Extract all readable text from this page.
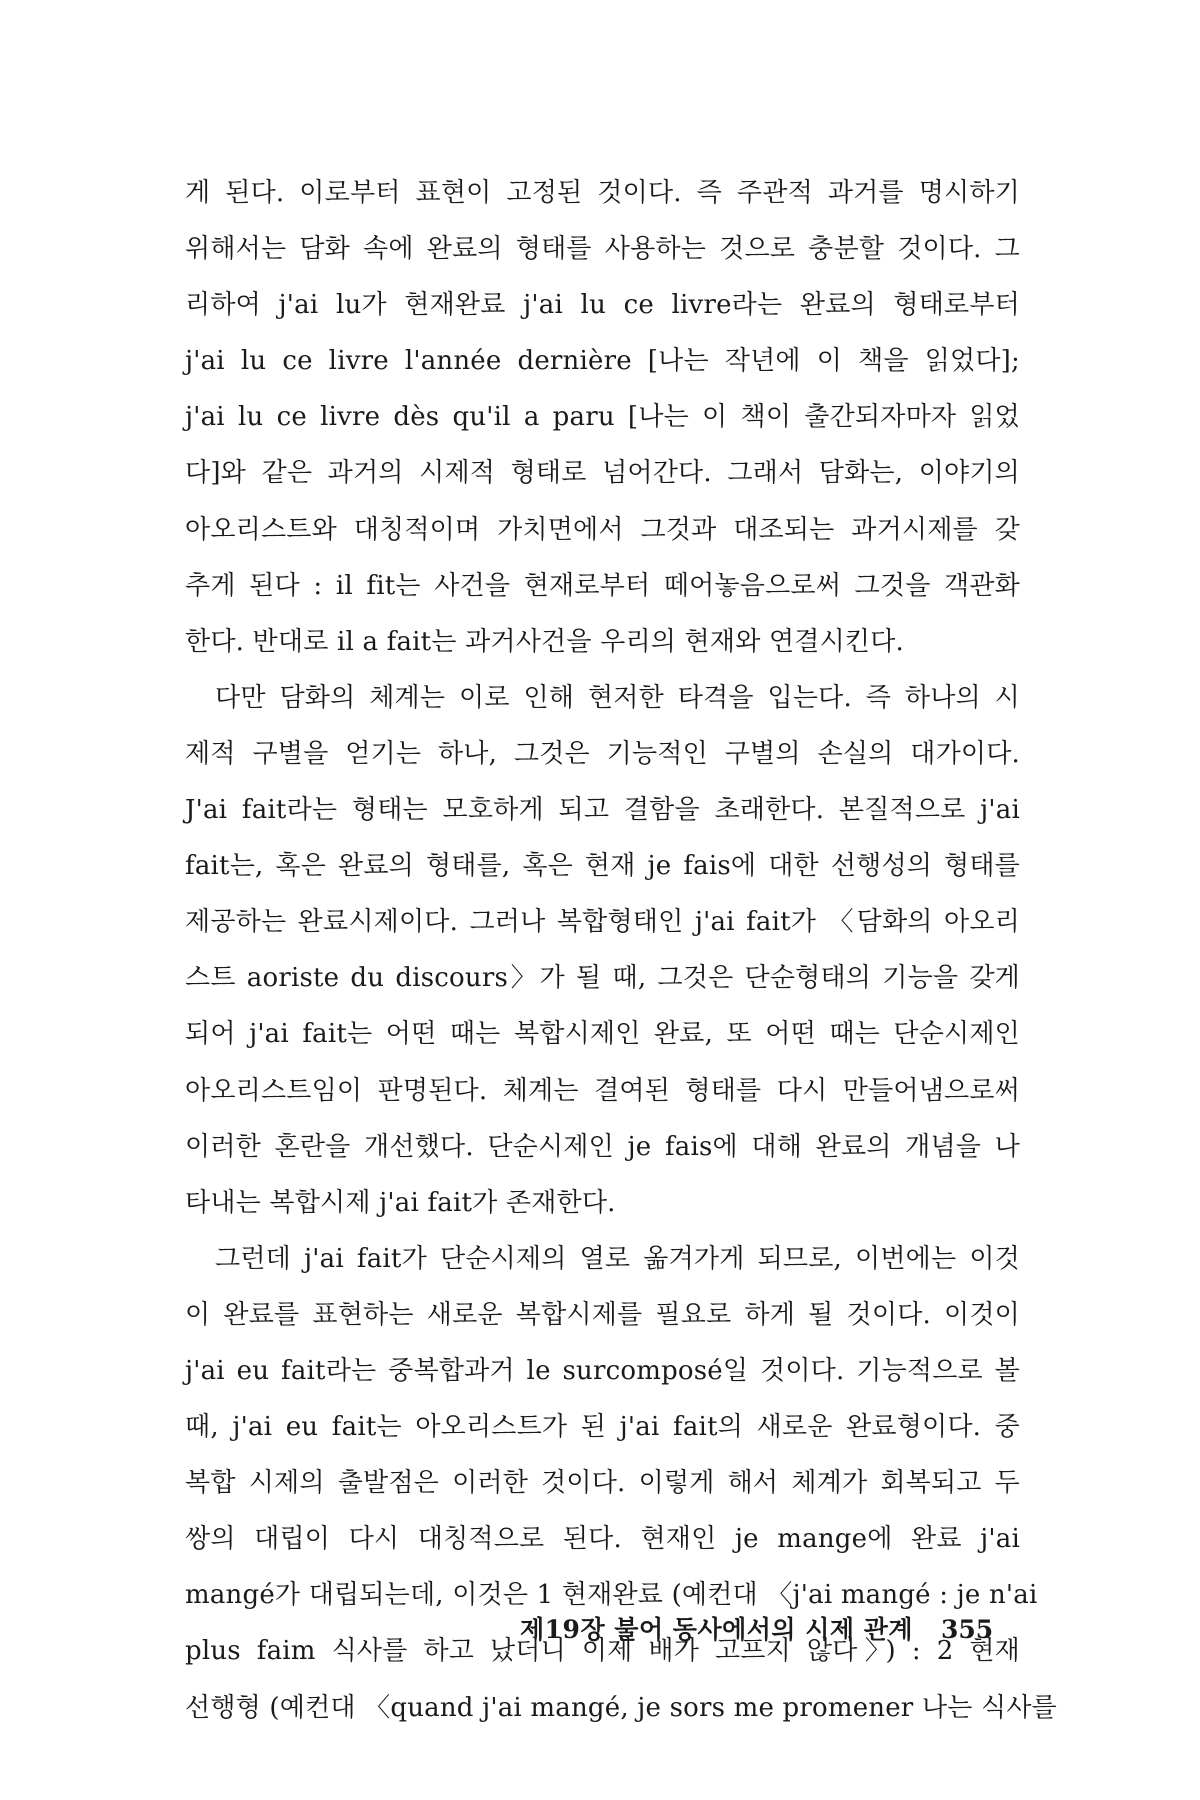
게 된다. 이로부터 표현이 고정된 것이다. 즉 주관적 과거를 명시하기
위해서는 담화 속에 완료의 형태를 사용하는 것으로 충분할 것이다. 그
리하여 j'ai lu가 현재완료 j'ai lu ce livre라는 완료의 형태로부터
j'ai lu ce livre l'année dernière [나는 작년에 이 책을 읽었다];
j'ai lu ce livre dès qu'il a paru [나는 이 책이 출간되자마자 읽었
다]와 같은 과거의 시제적 형태로 넘어간다. 그래서 담화는, 이야기의
아오리스트와 대칭적이며 가치면에서 그것과 대조되는 과거시제를 갖
추게 된다 : il fit는 사건을 현재로부터 떼어놓음으로써 그것을 객관화
한다. 반대로 il a fait는 과거사건을 우리의 현재와 연결시킨다.
다만 담화의 체계는 이로 인해 현저한 타격을 입는다. 즉 하나의 시
제적 구별을 얻기는 하나, 그것은 기능적인 구별의 손실의 대가이다.
J'ai fait라는 형태는 모호하게 되고 결함을 초래한다. 본질적으로 j'ai
fait는, 혹은 완료의 형태를, 혹은 현재 je fais에 대한 선행성의 형태를
제공하는 완료시제이다. 그러나 복합형태인 j'ai fait가 〈담화의 아오리
스트 aoriste du discours〉가 될 때, 그것은 단순형태의 기능을 갖게
되어 j'ai fait는 어떤 때는 복합시제인 완료, 또 어떤 때는 단순시제인
아오리스트임이 판명된다. 체계는 결여된 형태를 다시 만들어냄으로써
이러한 혼란을 개선했다. 단순시제인 je fais에 대해 완료의 개념을 나
타내는 복합시제 j'ai fait가 존재한다.
그런데 j'ai fait가 단순시제의 열로 옮겨가게 되므로, 이번에는 이것
이 완료를 표현하는 새로운 복합시제를 필요로 하게 될 것이다. 이것이
j'ai eu fait라는 중복합과거 le surcomposé일 것이다. 기능적으로 볼
때, j'ai eu fait는 아오리스트가 된 j'ai fait의 새로운 완료형이다. 중
복합 시제의 출발점은 이러한 것이다. 이렇게 해서 체계가 회복되고 두
쌍의 대립이 다시 대칭적으로 된다. 현재인 je mange에 완료 j'ai
mangé가 대립되는데, 이것은 1 현재완료 (예컨대 〈j'ai mangé : je n'ai
plus faim 식사를 하고 났더니 이제 배가 고프지 않다〉) : 2 현재
선행형 (예컨대 〈quand j'ai mangé, je sors me promener 나는 식사를
제19장 불어 동사에서의 시제 관계 355
